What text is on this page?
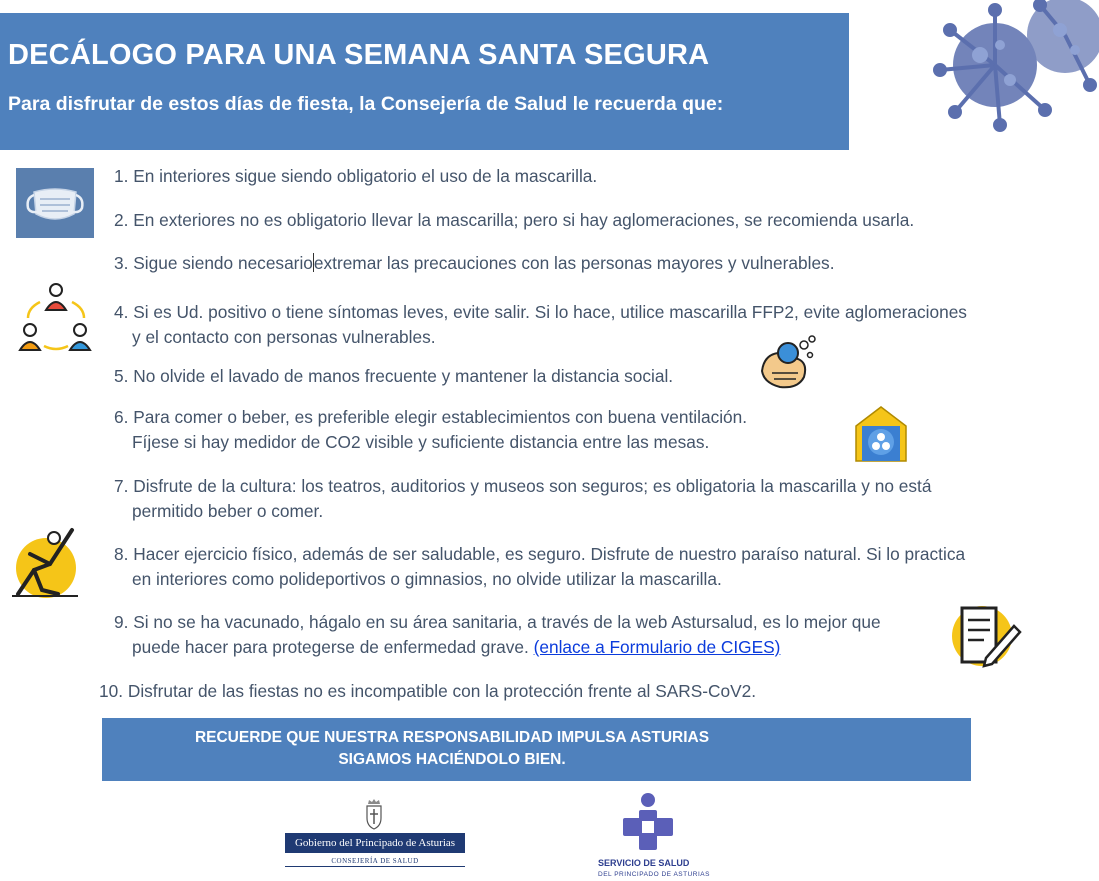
DECÁLOGO PARA UNA SEMANA SANTA SEGURA
Para disfrutar de estos días de fiesta, la Consejería de Salud le recuerda que:
1. En interiores sigue siendo obligatorio el uso de la mascarilla.
2. En exteriores no es obligatorio llevar la mascarilla; pero si hay aglomeraciones, se recomienda usarla.
3. Sigue siendo necesarioextremar las precauciones con las personas mayores y vulnerables.
4. Si es Ud. positivo o tiene síntomas leves, evite salir. Si lo hace, utilice mascarilla FFP2, evite aglomeraciones
y el contacto con personas vulnerables.
5. No olvide el lavado de manos frecuente y mantener la distancia social.
6. Para comer o beber, es preferible elegir establecimientos con buena ventilación.
Fíjese si hay medidor de CO2 visible y suficiente distancia entre las mesas.
7. Disfrute de la cultura: los teatros, auditorios y museos son seguros; es obligatoria la mascarilla y no está
permitido beber o comer.
8. Hacer ejercicio físico, además de ser saludable, es seguro. Disfrute de nuestro paraíso natural. Si lo practica
en interiores como polideportivos o gimnasios, no olvide utilizar la mascarilla.
9. Si no se ha vacunado, hágalo en su área sanitaria, a través de la web Astursalud, es lo mejor que
puede hacer para protegerse de enfermedad grave. (enlace a Formulario de CIGES)
10. Disfrutar de las fiestas no es incompatible con la protección frente al SARS-CoV2.
RECUERDE QUE NUESTRA RESPONSABILIDAD IMPULSA ASTURIAS
SIGAMOS HACIÉNDOLO BIEN.
Gobierno del Principado de Asturias
CONSEJERÍA DE SALUD	SERVICIO DE SALUD
DEL PRINCIPADO DE ASTURIAS
